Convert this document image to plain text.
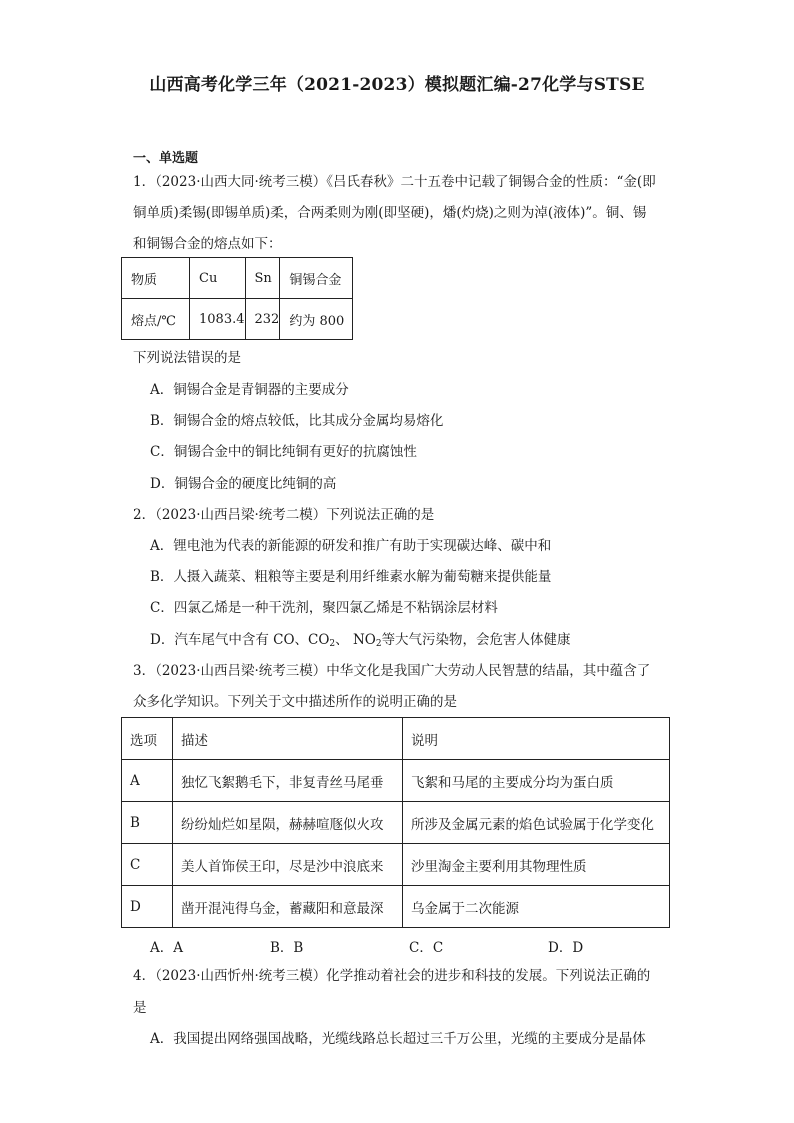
山西高考化学三年（2021-2023）模拟题汇编-27化学与STSE
一、单选题
1．（2023·山西大同·统考三模）《吕氏春秋》二十五卷中记载了铜锡合金的性质：“金(即
铜单质)柔锡(即锡单质)柔，合两柔则为刚(即坚硬)，燔(灼烧)之则为淖(液体)”。铜、锡
和铜锡合金的熔点如下：
物质	Cu	Sn	铜锡合金
熔点/℃	1083.4	232	约为 800
下列说法错误的是
A．铜锡合金是青铜器的主要成分
B．铜锡合金的熔点较低，比其成分金属均易熔化
C．铜锡合金中的铜比纯铜有更好的抗腐蚀性
D．铜锡合金的硬度比纯铜的高
2．（2023·山西吕梁·统考二模）下列说法正确的是
A．锂电池为代表的新能源的研发和推广有助于实现碳达峰、碳中和
B．人摄入蔬菜、粗粮等主要是利用纤维素水解为葡萄糖来提供能量
C．四氯乙烯是一种干洗剂，聚四氯乙烯是不粘锅涂层材料
D．汽车尾气中含有 CO、$CO_2$、 $NO_2$等大气污染物，会危害人体健康
3．（2023·山西吕梁·统考三模）中华文化是我国广大劳动人民智慧的结晶，其中蕴含了
众多化学知识。下列关于文中描述所作的说明正确的是
选项	描述	说明
A	独忆飞絮鹅毛下，非复青丝马尾垂	飞絮和马尾的主要成分均为蛋白质
B	纷纷灿烂如星陨，赫赫喧豗似火攻	所涉及金属元素的焰色试验属于化学变化
C	美人首饰侯王印，尽是沙中浪底来	沙里淘金主要利用其物理性质
D	凿开混沌得乌金，蓄藏阳和意最深	乌金属于二次能源
A．A	B．B	C．C	D．D
4．（2023·山西忻州·统考三模）化学推动着社会的进步和科技的发展。下列说法正确的
是
A．我国提出网络强国战略，光缆线路总长超过三千万公里，光缆的主要成分是晶体
